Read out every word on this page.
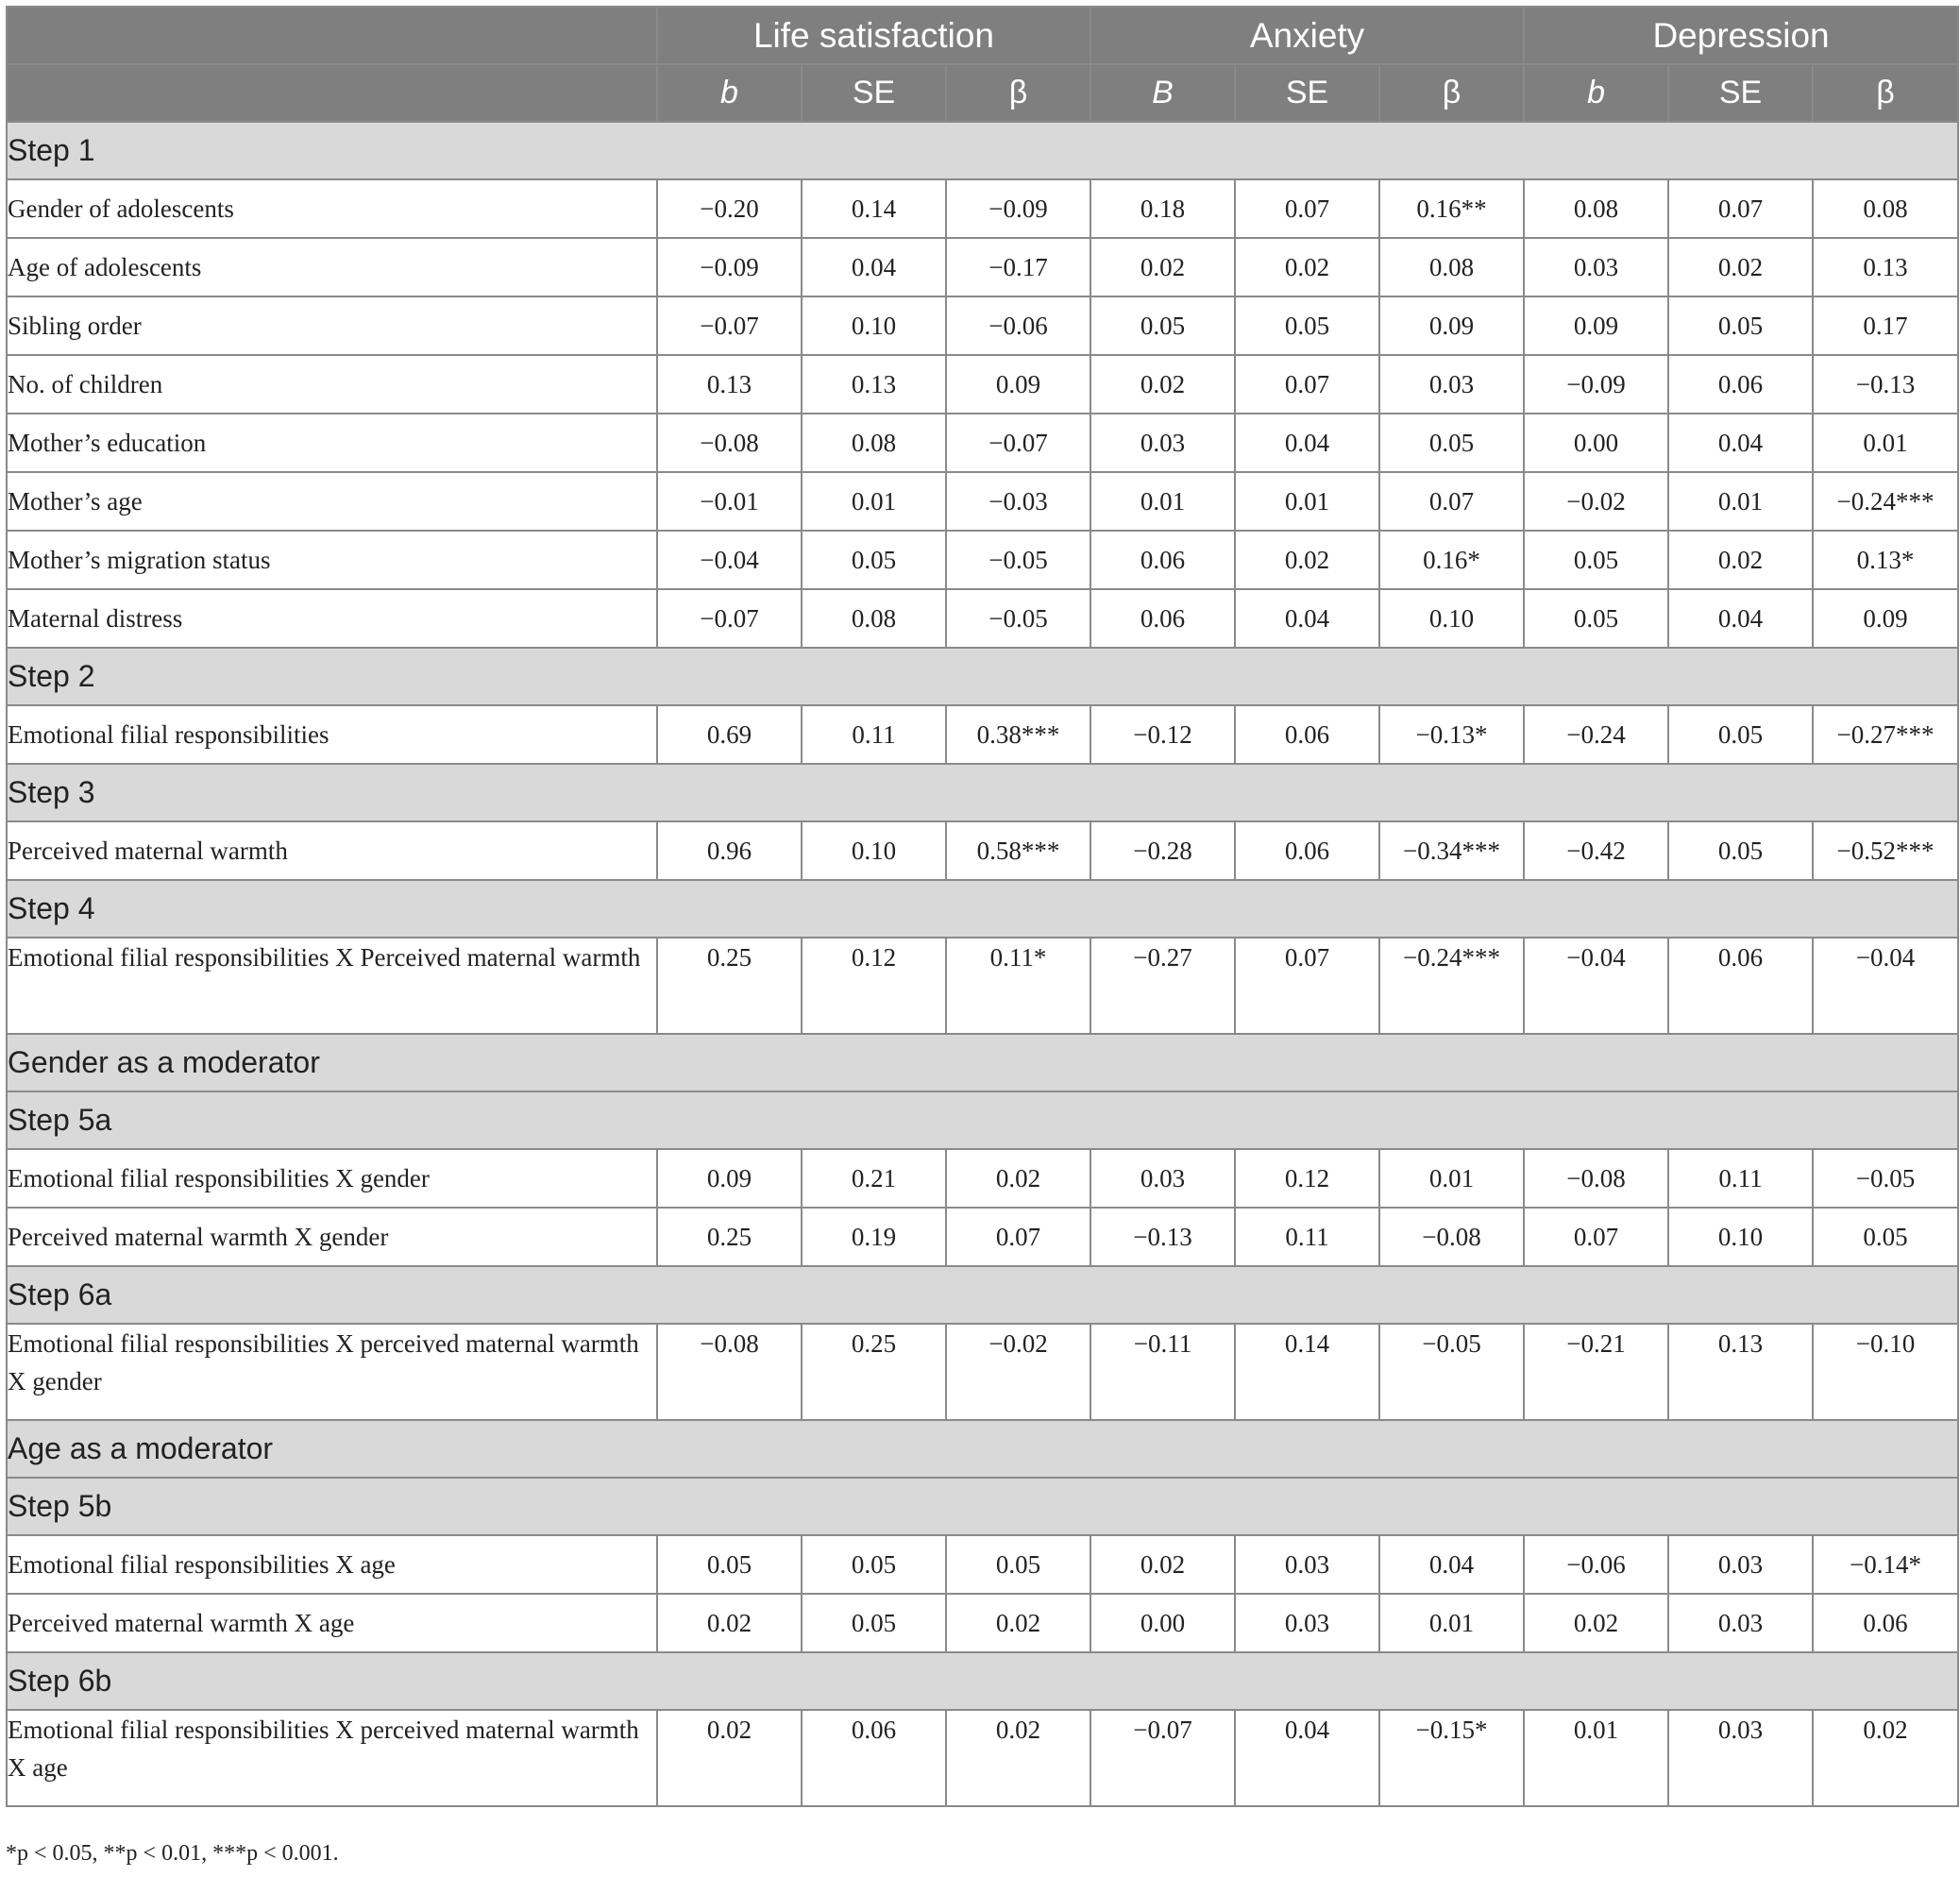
	Life satisfaction			Anxiety			Depression		
	b	SE	β	B	SE	β	b	SE	β
Step 1									
Gender of adolescents	−0.20	0.14	−0.09	0.18	0.07	0.16**	0.08	0.07	0.08
Age of adolescents	−0.09	0.04	−0.17	0.02	0.02	0.08	0.03	0.02	0.13
Sibling order	−0.07	0.10	−0.06	0.05	0.05	0.09	0.09	0.05	0.17
No. of children	0.13	0.13	0.09	0.02	0.07	0.03	−0.09	0.06	−0.13
Mother’s education	−0.08	0.08	−0.07	0.03	0.04	0.05	0.00	0.04	0.01
Mother’s age	−0.01	0.01	−0.03	0.01	0.01	0.07	−0.02	0.01	−0.24***
Mother’s migration status	−0.04	0.05	−0.05	0.06	0.02	0.16*	0.05	0.02	0.13*
Maternal distress	−0.07	0.08	−0.05	0.06	0.04	0.10	0.05	0.04	0.09
Step 2									
Emotional filial responsibilities	0.69	0.11	0.38***	−0.12	0.06	−0.13*	−0.24	0.05	−0.27***
Step 3									
Perceived maternal warmth	0.96	0.10	0.58***	−0.28	0.06	−0.34***	−0.42	0.05	−0.52***
Step 4									
Emotional filial responsibilities X Perceived maternal warmth	0.25	0.12	0.11*	−0.27	0.07	−0.24***	−0.04	0.06	−0.04
Gender as a moderator									
Step 5a									
Emotional filial responsibilities X gender	0.09	0.21	0.02	0.03	0.12	0.01	−0.08	0.11	−0.05
Perceived maternal warmth X gender	0.25	0.19	0.07	−0.13	0.11	−0.08	0.07	0.10	0.05
Step 6a									
Emotional filial responsibilities X perceived maternal warmth X gender	−0.08	0.25	−0.02	−0.11	0.14	−0.05	−0.21	0.13	−0.10
Age as a moderator									
Step 5b									
Emotional filial responsibilities X age	0.05	0.05	0.05	0.02	0.03	0.04	−0.06	0.03	−0.14*
Perceived maternal warmth X age	0.02	0.05	0.02	0.00	0.03	0.01	0.02	0.03	0.06
Step 6b									
Emotional filial responsibilities X perceived maternal warmth X age	0.02	0.06	0.02	−0.07	0.04	−0.15*	0.01	0.03	0.02
*p < 0.05, **p < 0.01, ***p < 0.001.
